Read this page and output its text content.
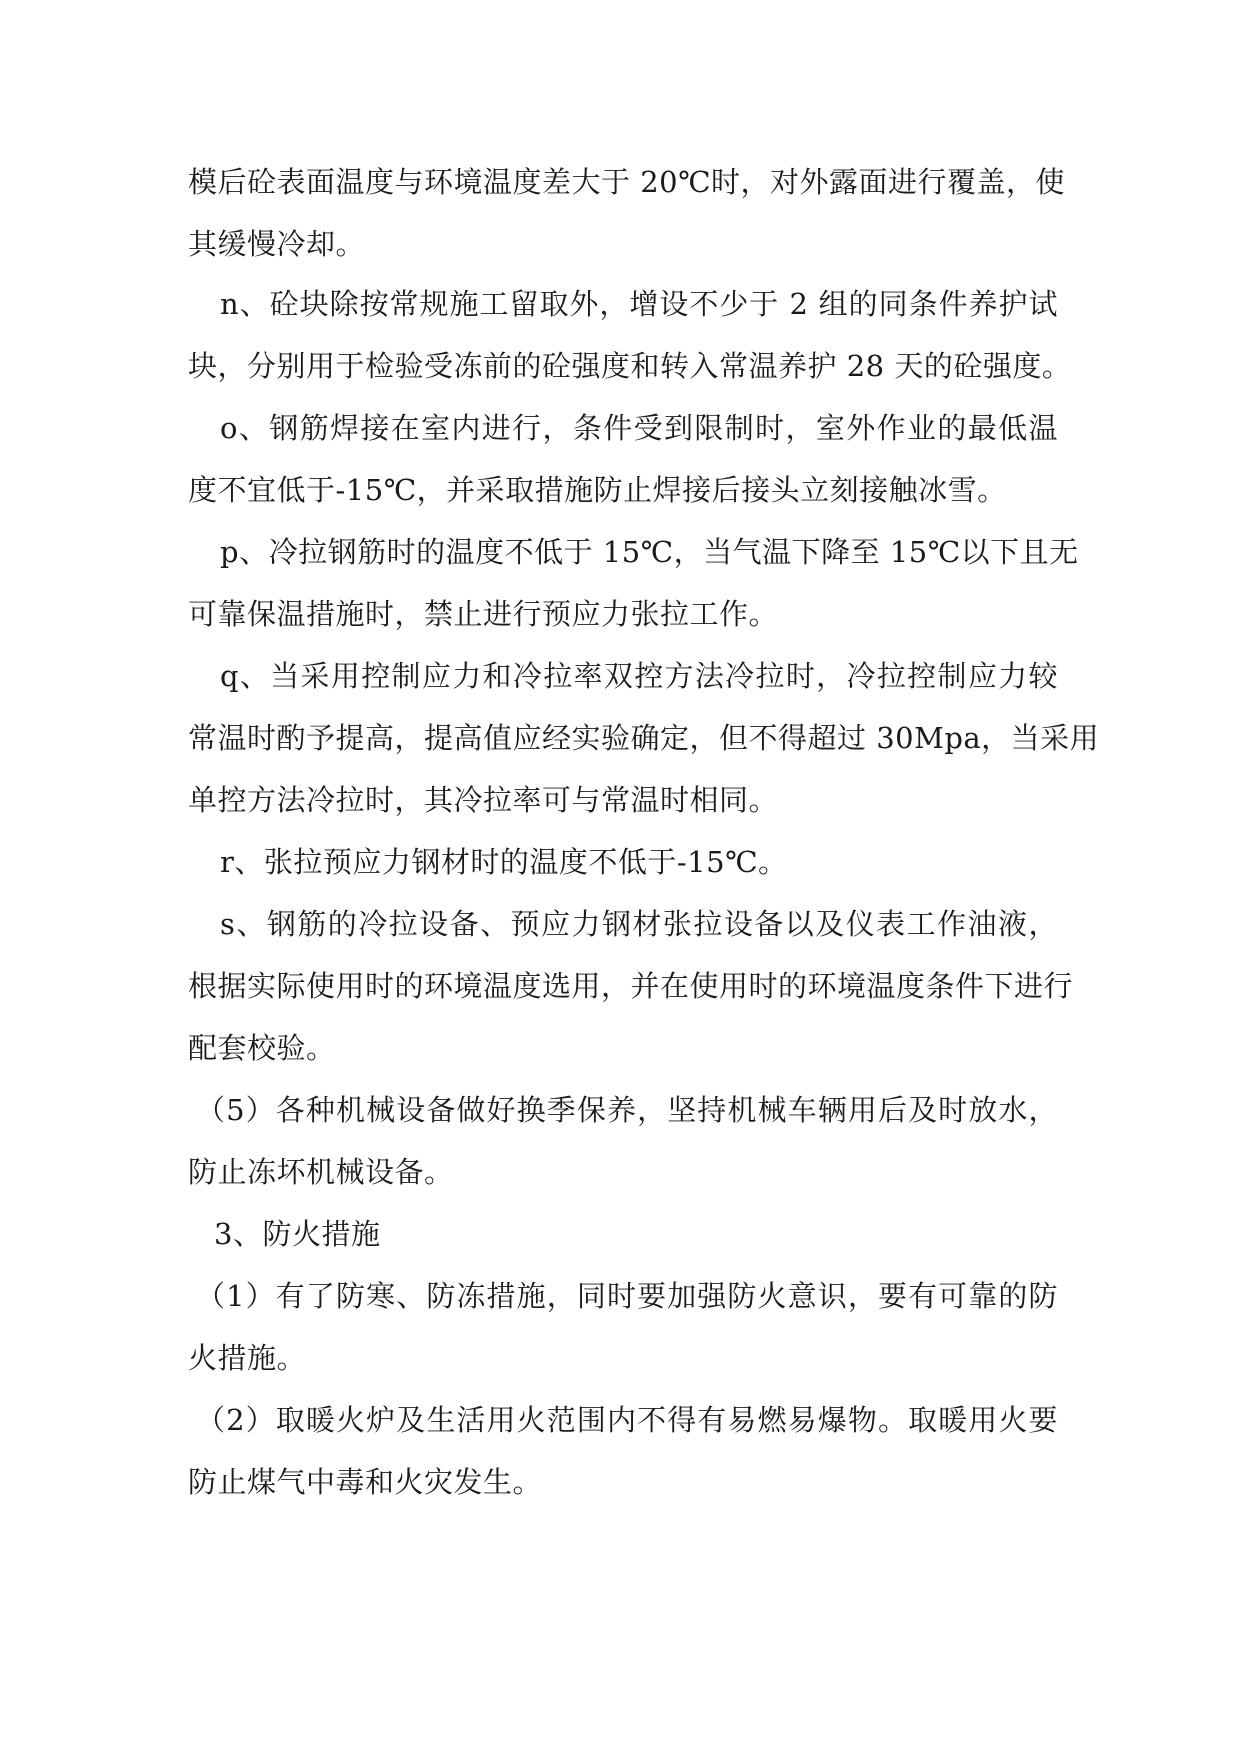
模后砼表面温度与环境温度差大于 20℃时，对外露面进行覆盖，使
其缓慢冷却。
n、砼块除按常规施工留取外，增设不少于 2 组的同条件养护试
块，分别用于检验受冻前的砼强度和转入常温养护 28 天的砼强度。
o、钢筋焊接在室内进行，条件受到限制时，室外作业的最低温
度不宜低于-15℃，并采取措施防止焊接后接头立刻接触冰雪。
p、冷拉钢筋时的温度不低于 15℃，当气温下降至 15℃以下且无
可靠保温措施时，禁止进行预应力张拉工作。
q、当采用控制应力和冷拉率双控方法冷拉时，冷拉控制应力较
常温时酌予提高，提高值应经实验确定，但不得超过 30Mpa，当采用
单控方法冷拉时，其冷拉率可与常温时相同。
r、张拉预应力钢材时的温度不低于-15℃。
s、钢筋的冷拉设备、预应力钢材张拉设备以及仪表工作油液，
根据实际使用时的环境温度选用，并在使用时的环境温度条件下进行
配套校验。
（5）各种机械设备做好换季保养，坚持机械车辆用后及时放水，
防止冻坏机械设备。
3、防火措施
（1）有了防寒、防冻措施，同时要加强防火意识，要有可靠的防
火措施。
（2）取暖火炉及生活用火范围内不得有易燃易爆物。取暖用火要
防止煤气中毒和火灾发生。
